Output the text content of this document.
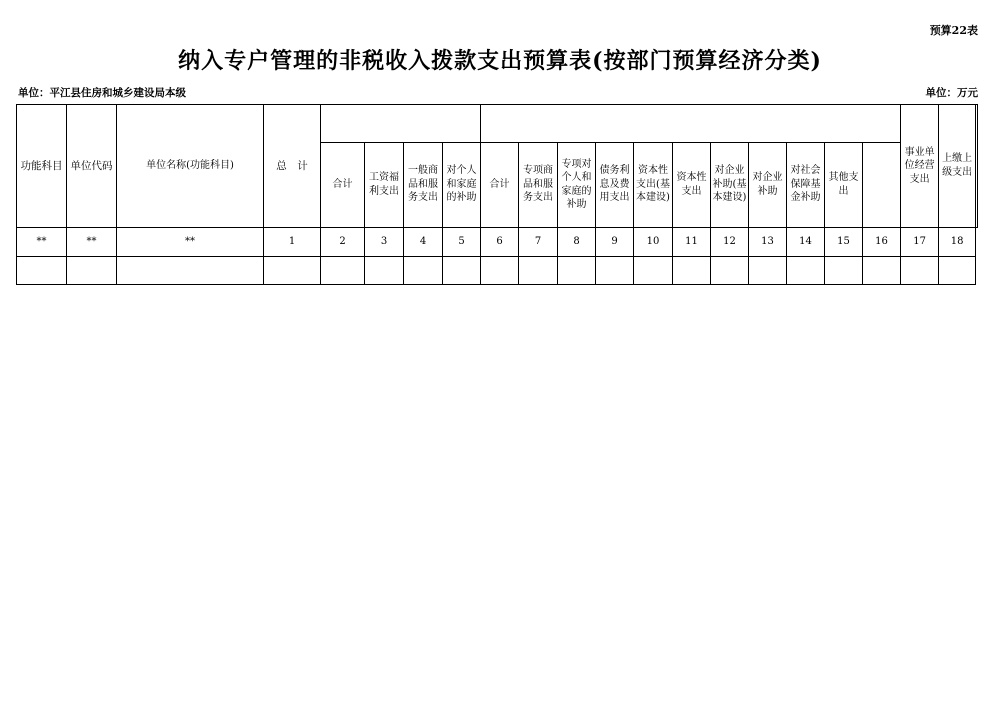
预算22表
纳入专户管理的非税收入拨款支出预算表(按部门预算经济分类)
单位：平江县住房和城乡建设局本级	单位：万元
功能科目	单位代码	单位名称(功能科目)	总　计																事业单位经营支出	上缴上级支出	
				合计	工资福利支出	一般商品和服务支出	对个人和家庭的补助	合计	专项商品和服务支出	专项对个人和家庭的补助	债务利息及费用支出	资本性支出(基本建设)	资本性支出	对企业补助(基本建设)	对企业补助	对社会保障基金补助	其他支出				
**	**	**	1	2	3	4	5	6	7	8	9	10	11	12	13	14	15	16	17	18	
